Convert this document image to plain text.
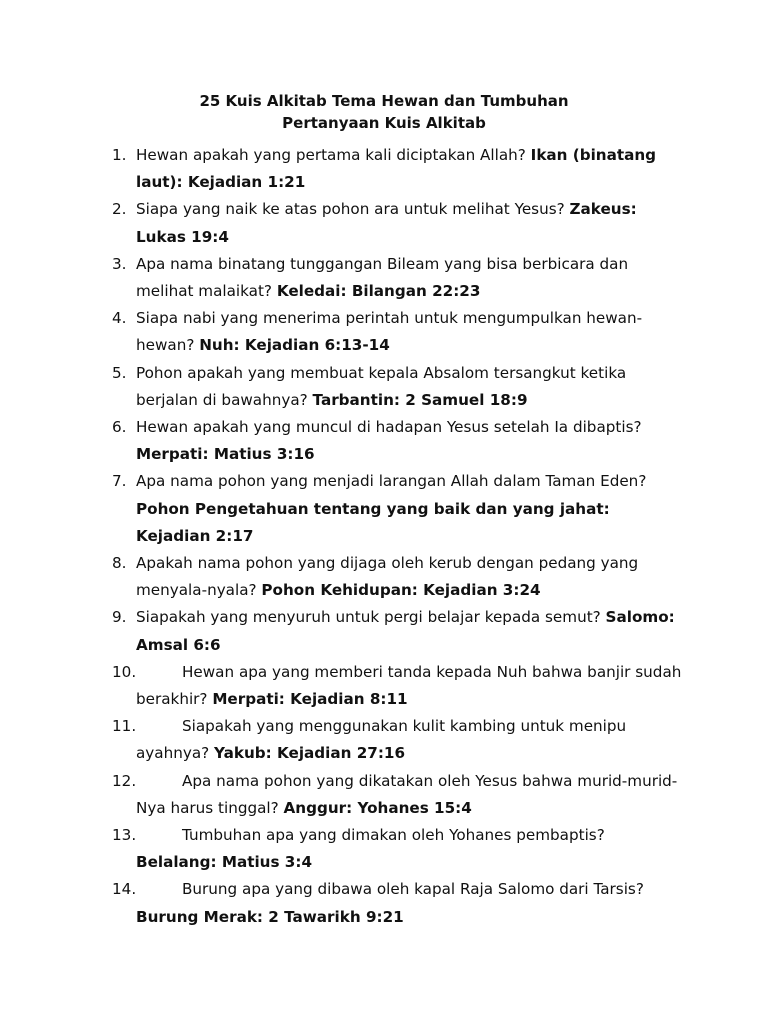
25 Kuis Alkitab Tema Hewan dan Tumbuhan
Pertanyaan Kuis Alkitab
1. Hewan apakah yang pertama kali diciptakan Allah? Ikan (binatang laut): Kejadian 1:21
2. Siapa yang naik ke atas pohon ara untuk melihat Yesus? Zakeus: Lukas 19:4
3. Apa nama binatang tunggangan Bileam yang bisa berbicara dan melihat malaikat? Keledai: Bilangan 22:23
4. Siapa nabi yang menerima perintah untuk mengumpulkan hewan-hewan? Nuh: Kejadian 6:13-14
5. Pohon apakah yang membuat kepala Absalom tersangkut ketika berjalan di bawahnya? Tarbantin: 2 Samuel 18:9
6. Hewan apakah yang muncul di hadapan Yesus setelah Ia dibaptis? Merpati: Matius 3:16
7. Apa nama pohon yang menjadi larangan Allah dalam Taman Eden? Pohon Pengetahuan tentang yang baik dan yang jahat: Kejadian 2:17
8. Apakah nama pohon yang dijaga oleh kerub dengan pedang yang menyala-nyala? Pohon Kehidupan: Kejadian 3:24
9. Siapakah yang menyuruh untuk pergi belajar kepada semut? Salomo: Amsal 6:6
10.	Hewan apa yang memberi tanda kepada Nuh bahwa banjir sudah berakhir? Merpati: Kejadian 8:11
11.	Siapakah yang menggunakan kulit kambing untuk menipu ayahnya? Yakub: Kejadian 27:16
12.	Apa nama pohon yang dikatakan oleh Yesus bahwa murid-murid-Nya harus tinggal? Anggur: Yohanes 15:4
13.	Tumbuhan apa yang dimakan oleh Yohanes pembaptis? Belalang: Matius 3:4
14.	Burung apa yang dibawa oleh kapal Raja Salomo dari Tarsis? Burung Merak: 2 Tawarikh 9:21
